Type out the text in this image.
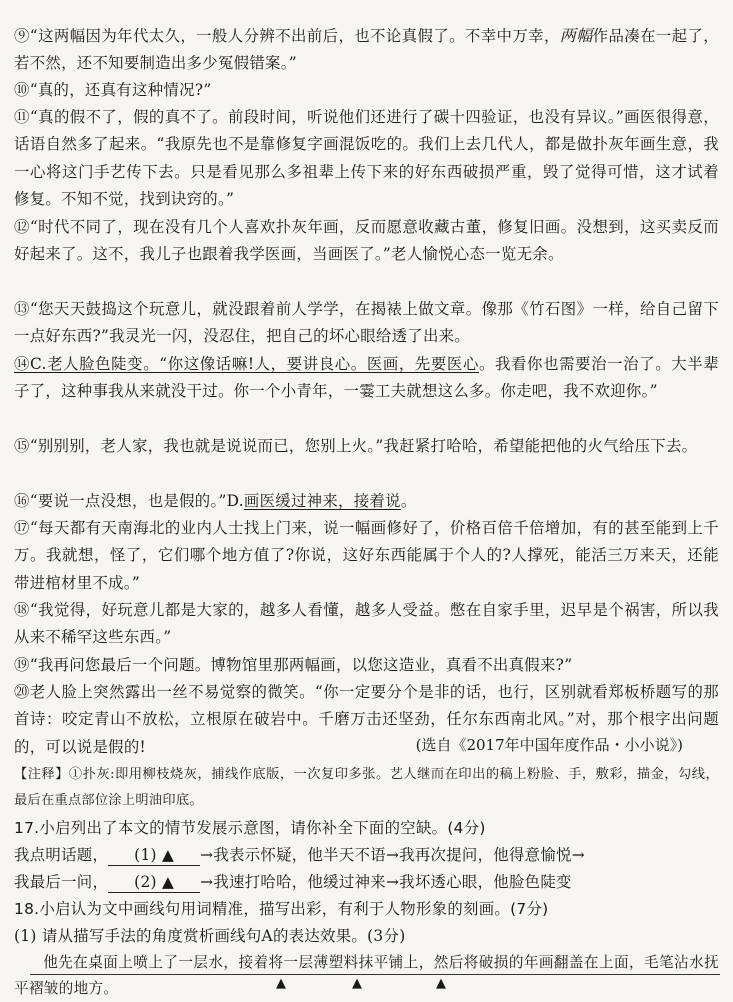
⑨“这两幅因为年代太久，一般人分辨不出前后，也不论真假了。不幸中万幸，两幅作品凑在一起了，若不然，还不知要制造出多少冤假错案。”

⑩“真的，还真有这种情况?”

⑪“真的假不了，假的真不了。前段时间，听说他们还进行了碳十四验证，也没有异议。”画医很得意，话语自然多了起来。“我原先也不是靠修复字画混饭吃的。我们上去几代人，都是做扑灰年画生意，我一心将这门手艺传下去。只是看见那么多祖辈上传下来的好东西破损严重，毁了觉得可惜，这才试着修复。不知不觉，找到诀窍的。”

⑫“时代不同了，现在没有几个人喜欢扑灰年画，反而愿意收藏古董，修复旧画。没想到，这买卖反而好起来了。这不，我儿子也跟着我学医画，当画医了。”老人愉悦心态一览无余。

⑬“您天天鼓捣这个玩意儿，就没跟着前人学学，在揭裱上做文章。像那《竹石图》一样，给自己留下一点好东西?”我灵光一闪，没忍住，把自己的坏心眼给透了出来。

⑭C.老人脸色陡变。“你这像话嘛!人，要讲良心。医画，先要医心。我看你也需要治一治了。大半辈子了，这种事我从来就没干过。你一个小青年，一霎工夫就想这么多。你走吧，我不欢迎你。”

⑮“别别别，老人家，我也就是说说而已，您别上火。”我赶紧打哈哈，希望能把他的火气给压下去。

⑯“要说一点没想，也是假的。”D.画医缓过神来，接着说。

⑰“每天都有天南海北的业内人士找上门来，说一幅画修好了，价格百倍千倍增加，有的甚至能到上千万。我就想，怪了，它们哪个地方值了?你说，这好东西能属于个人的?人撑死，能活三万来天，还能带进棺材里不成。”

⑱“我觉得，好玩意儿都是大家的，越多人看懂，越多人受益。憋在自家手里，迟早是个祸害，所以我从来不稀罕这些东西。”

⑲“我再问您最后一个问题。博物馆里那两幅画，以您这造业，真看不出真假来?”

⑳老人脸上突然露出一丝不易觉察的微笑。“你一定要分个是非的话，也行，区别就看郑板桥题写的那首诗：咬定青山不放松，立根原在破岩中。千磨万击还坚劲，任尔东西南北风。”对，那个根字出问题的，可以说是假的!	(选自《2017年中国年度作品・小小说》)

【注释】①扑灰:即用柳枝烧灰，捕线作底版，一次复印多张。艺人继而在印出的稿上粉脸、手，敷彩，描金，勾线，最后在重点部位涂上明油印底。

17.小启列出了本文的情节发展示意图，请你补全下面的空缺。(4分)

我点明话题， (1) ▲ →我表示怀疑，他半天不语→我再次提问，他得意愉悦→

我最后一问， (2) ▲ →我速打哈哈，他缓过神来→我坏透心眼，他脸色陡变

18.小启认为文中画线句用词精准，描写出彩，有利于人物形象的刻画。(7分)

(1) 请从描写手法的角度赏析画线句A的表达效果。(3分)

他先在桌面上喷上了一层水，接着将一层薄塑料抹平铺上，然后将破损的年画翻盖在上面，毛笔沾水抚平褶皱的地方。	▲	▲	▲
